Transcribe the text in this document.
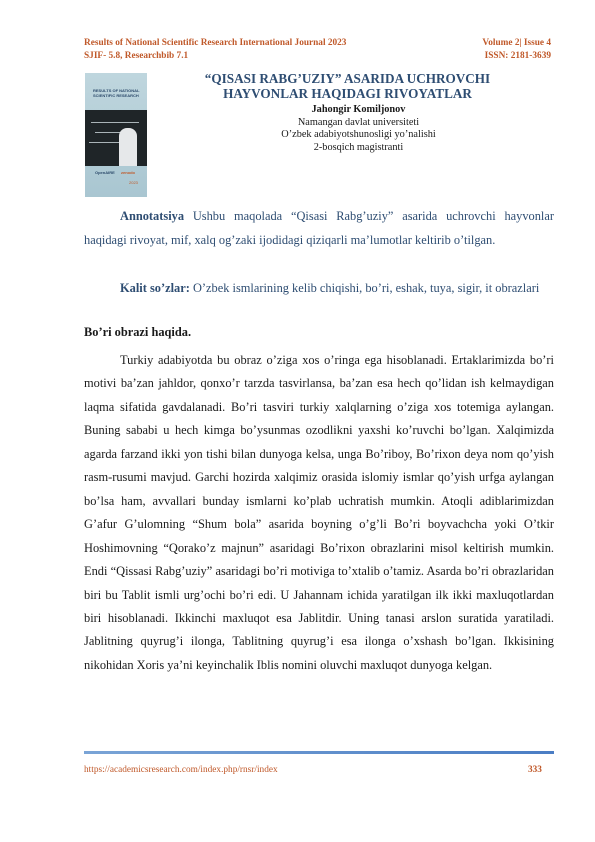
Results of National Scientific Research International Journal 2023	Volume 2| Issue 4
SJIF- 5.8, Researchbib 7.1	ISSN: 2181-3639
RESULTS OF NATIONAL SCIENTIFIC RESEARCH
OpenAIRE zenodo
2023
“QISASI RABG’UZIY” ASARIDA UCHROVCHI
HAYVONLAR HAQIDAGI RIVOYATLAR
Jahongir Komiljonov
Namangan davlat universiteti
O’zbek adabiyotshunosligi yo’nalishi
2-bosqich magistranti
Annotatsiya Ushbu maqolada “Qisasi Rabg’uziy” asarida uchrovchi hayvonlar haqidagi rivoyat, mif, xalq og’zaki ijodidagi qiziqarli ma’lumotlar keltirib o’tilgan.
Kalit so’zlar: O’zbek ismlarining kelib chiqishi, bo’ri, eshak, tuya, sigir, it obrazlari
Bo’ri obrazi haqida.

Turkiy adabiyotda bu obraz o’ziga xos o’ringa ega hisoblanadi. Ertaklarimizda bo’ri motivi ba’zan jahldor, qonxo’r tarzda tasvirlansa, ba’zan esa hech qo’lidan ish kelmaydigan laqma sifatida gavdalanadi. Bo’ri tasviri turkiy xalqlarning o’ziga xos totemiga aylangan. Buning sababi u hech kimga bo’ysunmas ozodlikni yaxshi ko’ruvchi bo’lgan. Xalqimizda agarda farzand ikki yon tishi bilan dunyoga kelsa, unga Bo’riboy, Bo’rixon deya nom qo’yish rasm-rusumi mavjud. Garchi hozirda xalqimiz orasida islomiy ismlar qo’yish urfga aylangan bo’lsa ham, avvallari bunday ismlarni ko’plab uchratish mumkin. Atoqli adiblarimizdan G’afur G’ulomning “Shum bola” asarida boyning o’g’li Bo’ri boyvachcha yoki O’tkir Hoshimovning “Qorako’z majnun” asaridagi Bo’rixon obrazlarini misol keltirish mumkin. Endi “Qissasi Rabg’uziy” asaridagi bo’ri motiviga to’xtalib o’tamiz. Asarda bo’ri obrazlaridan biri bu Tablit ismli urg’ochi bo’ri edi. U Jahannam ichida yaratilgan ilk ikki maxluqotlardan biri hisoblanadi. Ikkinchi maxluqot esa Jablitdir. Uning tanasi arslon suratida yaratiladi. Jablitning quyrug’i ilonga, Tablitning quyrug’i esa ilonga o’xshash bo’lgan. Ikkisining nikohidan Xoris ya’ni keyinchalik Iblis nomini oluvchi maxluqot dunyoga kelgan.

https://academicsresearch.com/index.php/rnsr/index	333
